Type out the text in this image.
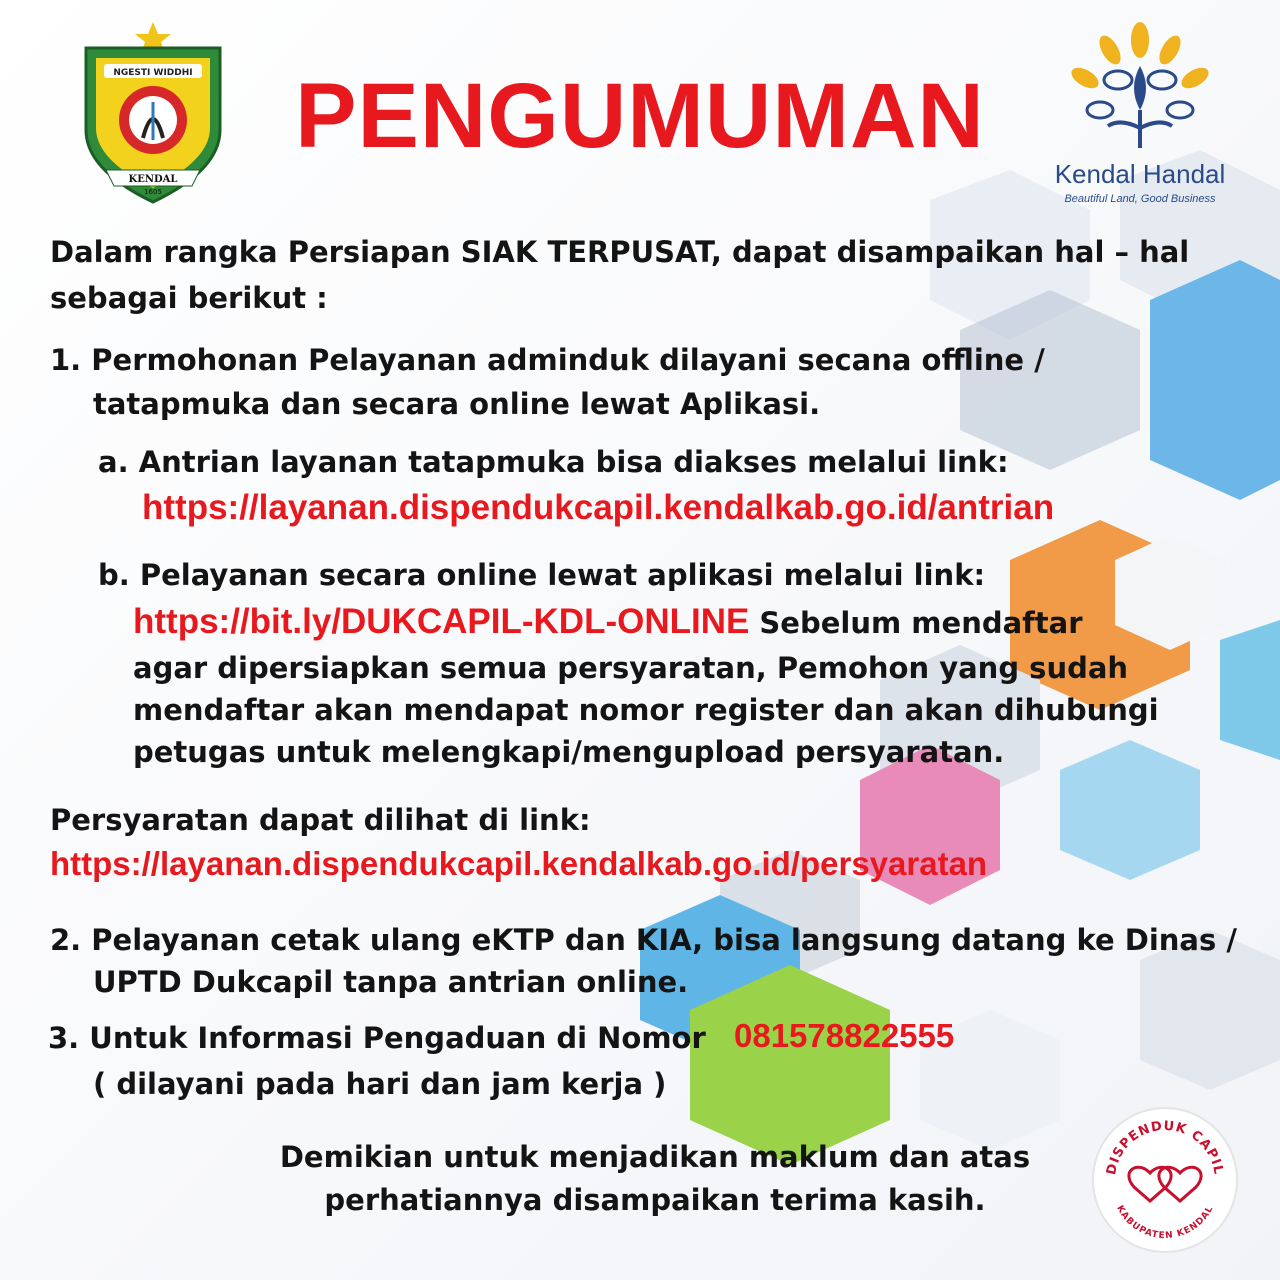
NGESTI WIDDHI
KENDAL
1605
PENGUMUMAN
Kendal Handal
Beautiful Land, Good Business
Dalam rangka Persiapan SIAK TERPUSAT, dapat disampaikan hal – hal
sebagai berikut :
1. Permohonan Pelayanan adminduk dilayani secana offline /
tatapmuka dan secara online lewat Aplikasi.
a. Antrian layanan tatapmuka bisa diakses melalui link:
https://layanan.dispendukcapil.kendalkab.go.id/antrian
b. Pelayanan secara online lewat aplikasi melalui link:
https://bit.ly/DUKCAPIL-KDL-ONLINE Sebelum mendaftar
agar dipersiapkan semua persyaratan, Pemohon yang sudah
mendaftar akan mendapat nomor register dan akan dihubungi
petugas untuk melengkapi/mengupload persyaratan.
Persyaratan dapat dilihat di link:
https://layanan.dispendukcapil.kendalkab.go.id/persyaratan
2. Pelayanan cetak ulang eKTP dan KIA, bisa langsung datang ke Dinas /
UPTD Dukcapil tanpa antrian online.
3. Untuk Informasi Pengaduan di Nomor 081578822555
( dilayani pada hari dan jam kerja )
Demikian untuk menjadikan maklum dan atas
perhatiannya disampaikan terima kasih.
DISPENDUK CAPIL
KABUPATEN KENDAL
